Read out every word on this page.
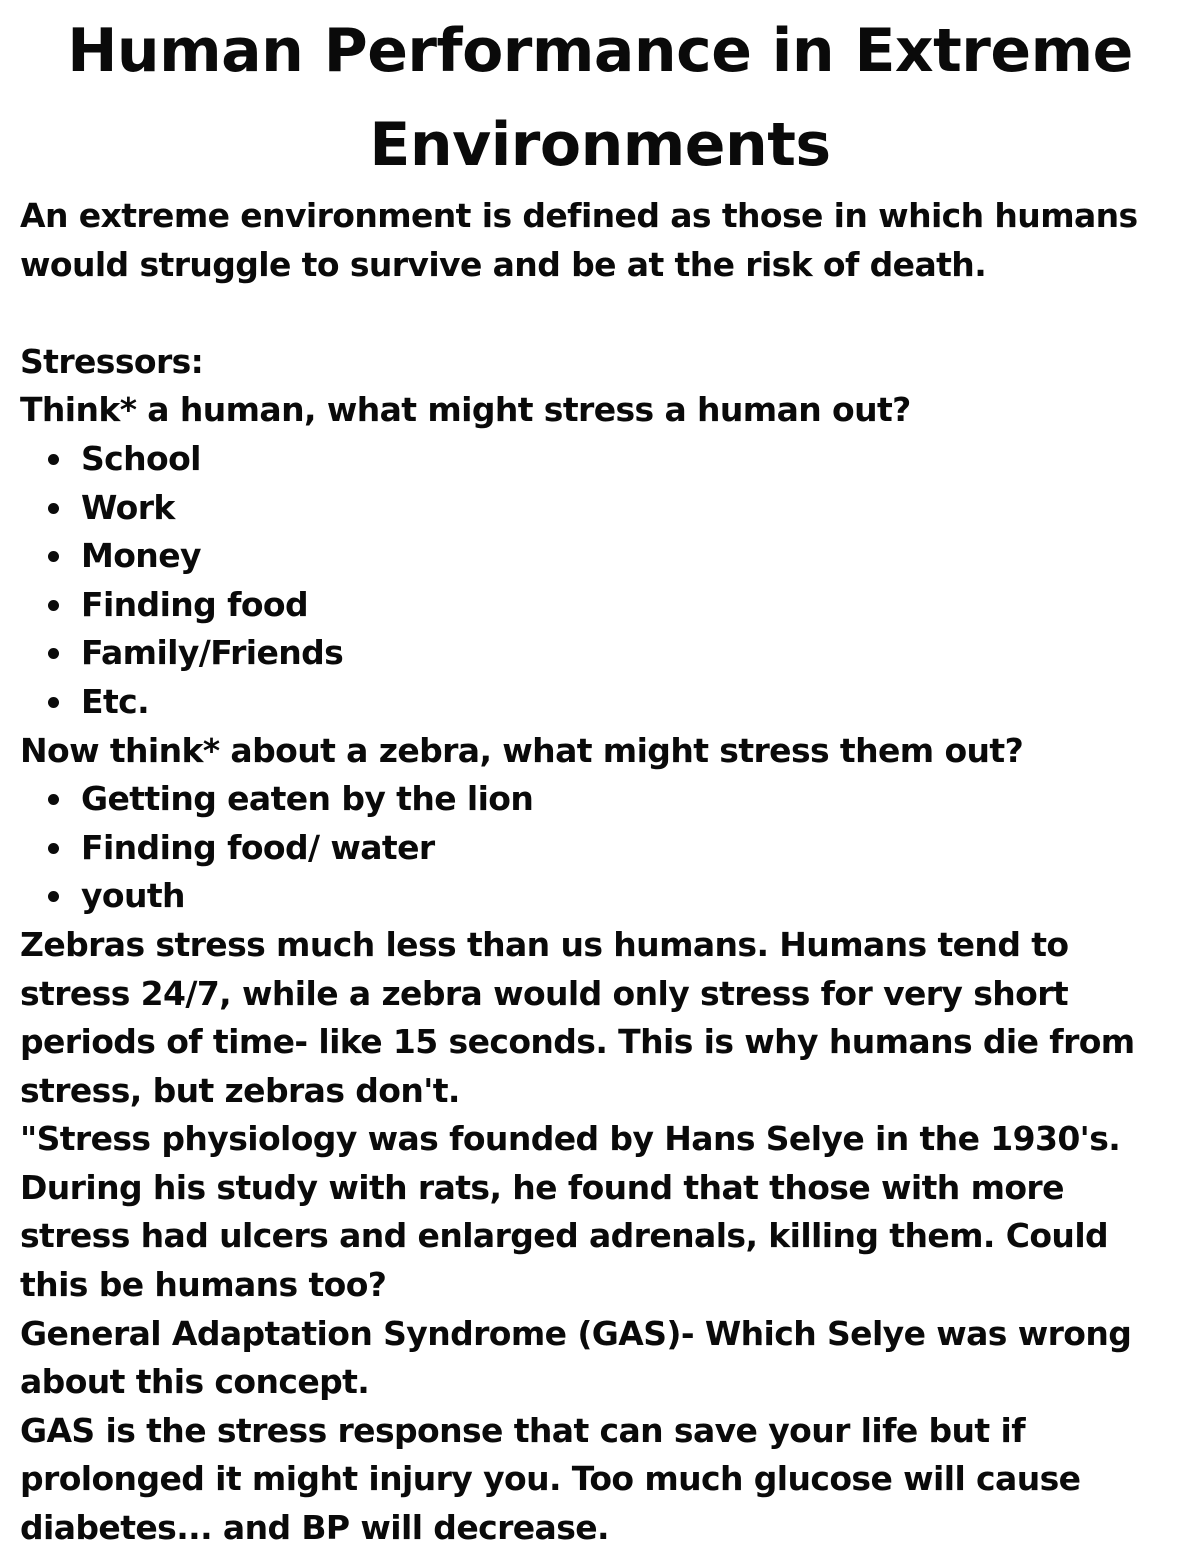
Human Performance in Extreme
Environments

An extreme environment is defined as those in which humans would struggle to survive and be at the risk of death.

Stressors:

Think* a human, what might stress a human out?

School
Work
Money
Finding food
Family/Friends
Etc.

Now think* about a zebra, what might stress them out?

Getting eaten by the lion
Finding food/ water
youth

Zebras stress much less than us humans. Humans tend to stress 24/7, while a zebra would only stress for very short periods of time- like 15 seconds. This is why humans die from stress, but zebras don't.

"Stress physiology was founded by Hans Selye in the 1930's. During his study with rats, he found that those with more stress had ulcers and enlarged adrenals, killing them. Could this be humans too?

General Adaptation Syndrome (GAS)- Which Selye was wrong about this concept.

GAS is the stress response that can save your life but if prolonged it might injury you. Too much glucose will cause diabetes... and BP will decrease.
